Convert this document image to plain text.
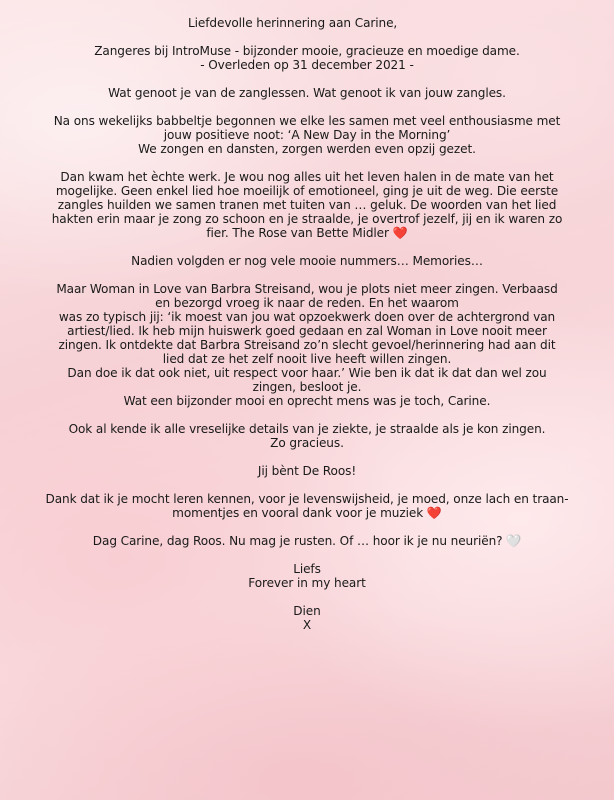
Liefdevolle herinnering aan Carine,

Zangeres bij IntroMuse - bijzonder mooie, gracieuze en moedige dame.
- Overleden op 31 december 2021 -

Wat genoot je van de zanglessen. Wat genoot ik van jouw zangles.

Na ons wekelijks babbeltje begonnen we elke les samen met veel enthousiasme met
jouw positieve noot: ‘A New Day in the Morning’
We zongen en dansten, zorgen werden even opzij gezet.

Dan kwam het èchte werk. Je wou nog alles uit het leven halen in de mate van het
mogelijke. Geen enkel lied hoe moeilijk of emotioneel, ging je uit de weg. Die eerste
zangles huilden we samen tranen met tuiten van … geluk. De woorden van het lied
hakten erin maar je zong zo schoon en je straalde, je overtrof jezelf, jij en ik waren zo
fier. The Rose van Bette Midler ❤️

Nadien volgden er nog vele mooie nummers… Memories…

Maar Woman in Love van Barbra Streisand, wou je plots niet meer zingen. Verbaasd
en bezorgd vroeg ik naar de reden. En het waarom
was zo typisch jij: ‘ik moest van jou wat opzoekwerk doen over de achtergrond van
artiest/lied. Ik heb mijn huiswerk goed gedaan en zal Woman in Love nooit meer
zingen. Ik ontdekte dat Barbra Streisand zo’n slecht gevoel/herinnering had aan dit
lied dat ze het zelf nooit live heeft willen zingen.
Dan doe ik dat ook niet, uit respect voor haar.’ Wie ben ik dat ik dat dan wel zou
zingen, besloot je.
Wat een bijzonder mooi en oprecht mens was je toch, Carine.

Ook al kende ik alle vreselijke details van je ziekte, je straalde als je kon zingen.
Zo gracieus.

Jij bènt De Roos!

Dank dat ik je mocht leren kennen, voor je levenswijsheid, je moed, onze lach en traan-
momentjes en vooral dank voor je muziek ❤️

Dag Carine, dag Roos. Nu mag je rusten. Of … hoor ik je nu neuriën? 🤍

Liefs
Forever in my heart

Dien
X
